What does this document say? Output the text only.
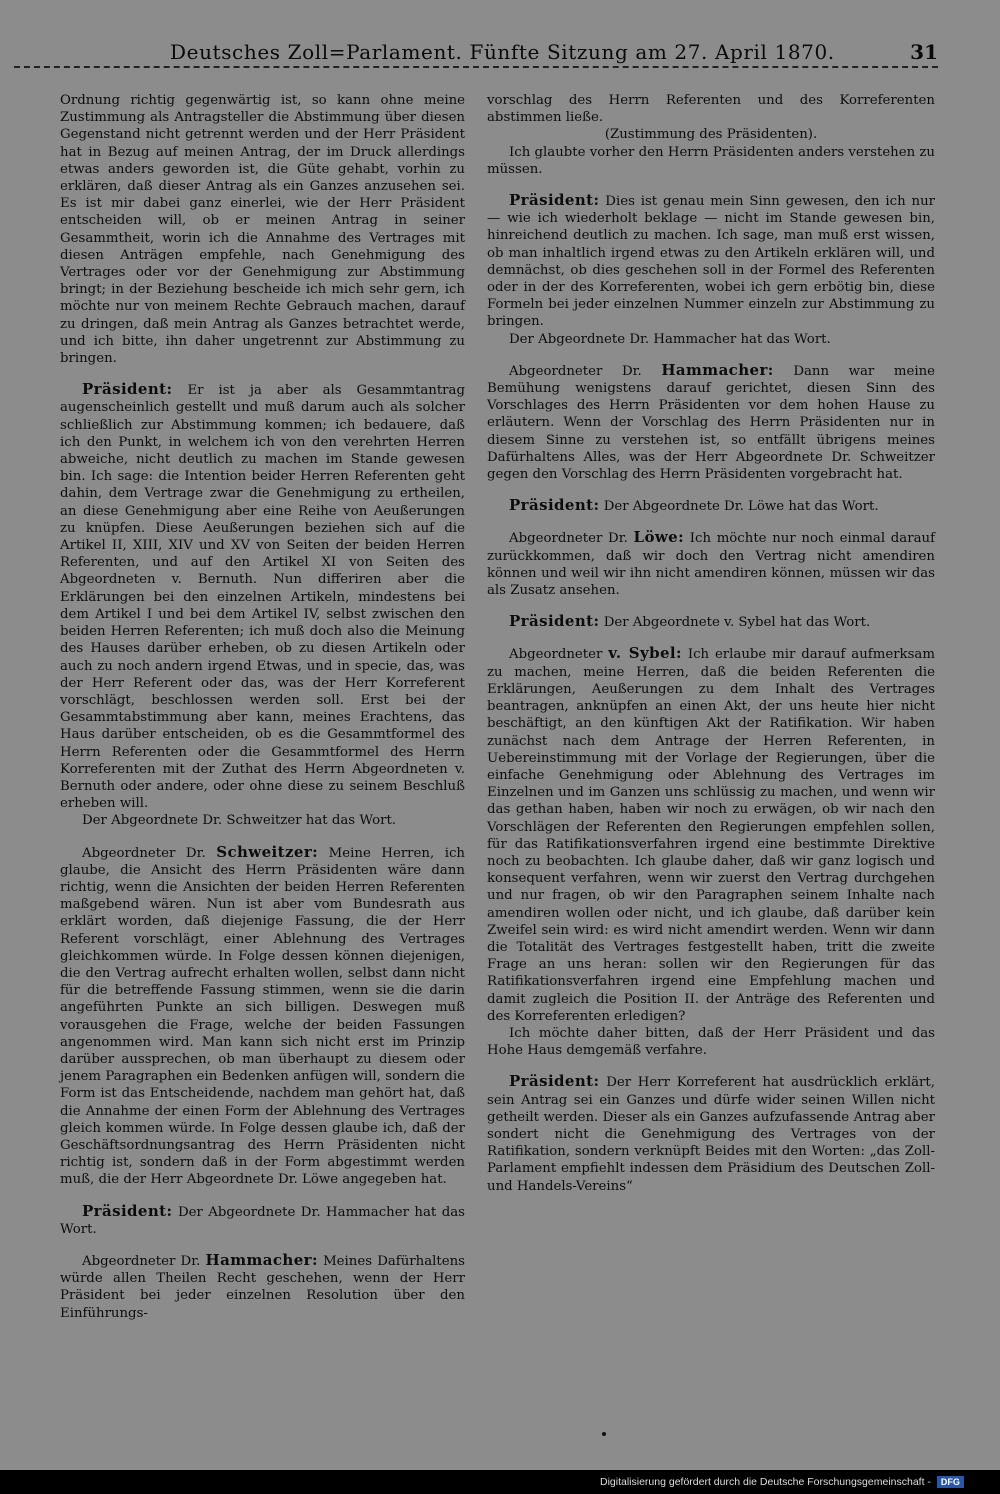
Deutsches Zoll=Parlament. Fünfte Sitzung am 27. April 1870.	31

Ordnung richtig gegenwärtig ist, so kann ohne meine Zustimmung als Antragsteller die Abstimmung über diesen Gegenstand nicht getrennt werden und der Herr Präsident hat in Bezug auf meinen Antrag, der im Druck allerdings etwas anders geworden ist, die Güte gehabt, vorhin zu erklären, daß dieser Antrag als ein Ganzes anzusehen sei. Es ist mir dabei ganz einerlei, wie der Herr Präsident entscheiden will, ob er meinen Antrag in seiner Gesammtheit, worin ich die Annahme des Vertrages mit diesen Anträgen empfehle, nach Genehmigung des Vertrages oder vor der Genehmigung zur Abstimmung bringt; in der Beziehung bescheide ich mich sehr gern, ich möchte nur von meinem Rechte Gebrauch machen, darauf zu dringen, daß mein Antrag als Ganzes betrachtet werde, und ich bitte, ihn daher ungetrennt zur Abstimmung zu bringen.

Präsident: Er ist ja aber als Gesammtantrag augenscheinlich gestellt und muß darum auch als solcher schließlich zur Abstimmung kommen; ich bedauere, daß ich den Punkt, in welchem ich von den verehrten Herren abweiche, nicht deutlich zu machen im Stande gewesen bin. Ich sage: die Intention beider Herren Referenten geht dahin, dem Vertrage zwar die Genehmigung zu ertheilen, an diese Genehmigung aber eine Reihe von Aeußerungen zu knüpfen. Diese Aeußerungen beziehen sich auf die Artikel II, XIII, XIV und XV von Seiten der beiden Herren Referenten, und auf den Artikel XI von Seiten des Abgeordneten v. Bernuth. Nun differiren aber die Erklärungen bei den einzelnen Artikeln, mindestens bei dem Artikel I und bei dem Artikel IV, selbst zwischen den beiden Herren Referenten; ich muß doch also die Meinung des Hauses darüber erheben, ob zu diesen Artikeln oder auch zu noch andern irgend Etwas, und in specie, das, was der Herr Referent oder das, was der Herr Korreferent vorschlägt, beschlossen werden soll. Erst bei der Gesammtabstimmung aber kann, meines Erachtens, das Haus darüber entscheiden, ob es die Gesammtformel des Herrn Referenten oder die Gesammtformel des Herrn Korreferenten mit der Zuthat des Herrn Abgeordneten v. Bernuth oder andere, oder ohne diese zu seinem Beschluß erheben will.

Der Abgeordnete Dr. Schweitzer hat das Wort.

Abgeordneter Dr. Schweitzer: Meine Herren, ich glaube, die Ansicht des Herrn Präsidenten wäre dann richtig, wenn die Ansichten der beiden Herren Referenten maßgebend wären. Nun ist aber vom Bundesrath aus erklärt worden, daß diejenige Fassung, die der Herr Referent vorschlägt, einer Ablehnung des Vertrages gleichkommen würde. In Folge dessen können diejenigen, die den Vertrag aufrecht erhalten wollen, selbst dann nicht für die betreffende Fassung stimmen, wenn sie die darin angeführten Punkte an sich billigen. Deswegen muß vorausgehen die Frage, welche der beiden Fassungen angenommen wird. Man kann sich nicht erst im Prinzip darüber aussprechen, ob man überhaupt zu diesem oder jenem Paragraphen ein Bedenken anfügen will, sondern die Form ist das Entscheidende, nachdem man gehört hat, daß die Annahme der einen Form der Ablehnung des Vertrages gleich kommen würde. In Folge dessen glaube ich, daß der Geschäftsordnungsantrag des Herrn Präsidenten nicht richtig ist, sondern daß in der Form abgestimmt werden muß, die der Herr Abgeordnete Dr. Löwe angegeben hat.

Präsident: Der Abgeordnete Dr. Hammacher hat das Wort.

Abgeordneter Dr. Hammacher: Meines Dafürhaltens würde allen Theilen Recht geschehen, wenn der Herr Präsident bei jeder einzelnen Resolution über den Einführungs-

vorschlag des Herrn Referenten und des Korreferenten abstimmen ließe.

(Zustimmung des Präsidenten).

Ich glaubte vorher den Herrn Präsidenten anders verstehen zu müssen.

Präsident: Dies ist genau mein Sinn gewesen, den ich nur — wie ich wiederholt beklage — nicht im Stande gewesen bin, hinreichend deutlich zu machen. Ich sage, man muß erst wissen, ob man inhaltlich irgend etwas zu den Artikeln erklären will, und demnächst, ob dies geschehen soll in der Formel des Referenten oder in der des Korreferenten, wobei ich gern erbötig bin, diese Formeln bei jeder einzelnen Nummer einzeln zur Abstimmung zu bringen.

Der Abgeordnete Dr. Hammacher hat das Wort.

Abgeordneter Dr. Hammacher: Dann war meine Bemühung wenigstens darauf gerichtet, diesen Sinn des Vorschlages des Herrn Präsidenten vor dem hohen Hause zu erläutern. Wenn der Vorschlag des Herrn Präsidenten nur in diesem Sinne zu verstehen ist, so entfällt übrigens meines Dafürhaltens Alles, was der Herr Abgeordnete Dr. Schweitzer gegen den Vorschlag des Herrn Präsidenten vorgebracht hat.

Präsident: Der Abgeordnete Dr. Löwe hat das Wort.

Abgeordneter Dr. Löwe: Ich möchte nur noch einmal darauf zurückkommen, daß wir doch den Vertrag nicht amendiren können und weil wir ihn nicht amendiren können, müssen wir das als Zusatz ansehen.

Präsident: Der Abgeordnete v. Sybel hat das Wort.

Abgeordneter v. Sybel: Ich erlaube mir darauf aufmerksam zu machen, meine Herren, daß die beiden Referenten die Erklärungen, Aeußerungen zu dem Inhalt des Vertrages beantragen, anknüpfen an einen Akt, der uns heute hier nicht beschäftigt, an den künftigen Akt der Ratifikation. Wir haben zunächst nach dem Antrage der Herren Referenten, in Uebereinstimmung mit der Vorlage der Regierungen, über die einfache Genehmigung oder Ablehnung des Vertrages im Einzelnen und im Ganzen uns schlüssig zu machen, und wenn wir das gethan haben, haben wir noch zu erwägen, ob wir nach den Vorschlägen der Referenten den Regierungen empfehlen sollen, für das Ratifikationsverfahren irgend eine bestimmte Direktive noch zu beobachten. Ich glaube daher, daß wir ganz logisch und konsequent verfahren, wenn wir zuerst den Vertrag durchgehen und nur fragen, ob wir den Paragraphen seinem Inhalte nach amendiren wollen oder nicht, und ich glaube, daß darüber kein Zweifel sein wird: es wird nicht amendirt werden. Wenn wir dann die Totalität des Vertrages festgestellt haben, tritt die zweite Frage an uns heran: sollen wir den Regierungen für das Ratifikationsverfahren irgend eine Empfehlung machen und damit zugleich die Position II. der Anträge des Referenten und des Korreferenten erledigen?

Ich möchte daher bitten, daß der Herr Präsident und das Hohe Haus demgemäß verfahre.

Präsident: Der Herr Korreferent hat ausdrücklich erklärt, sein Antrag sei ein Ganzes und dürfe wider seinen Willen nicht getheilt werden. Dieser als ein Ganzes aufzufassende Antrag aber sondert nicht die Genehmigung des Vertrages von der Ratifikation, sondern verknüpft Beides mit den Worten: „das Zoll-Parlament empfiehlt indessen dem Präsidium des Deutschen Zoll- und Handels-Vereins“

Digitalisierung gefördert durch die Deutsche Forschungsgemeinschaft - DFG
